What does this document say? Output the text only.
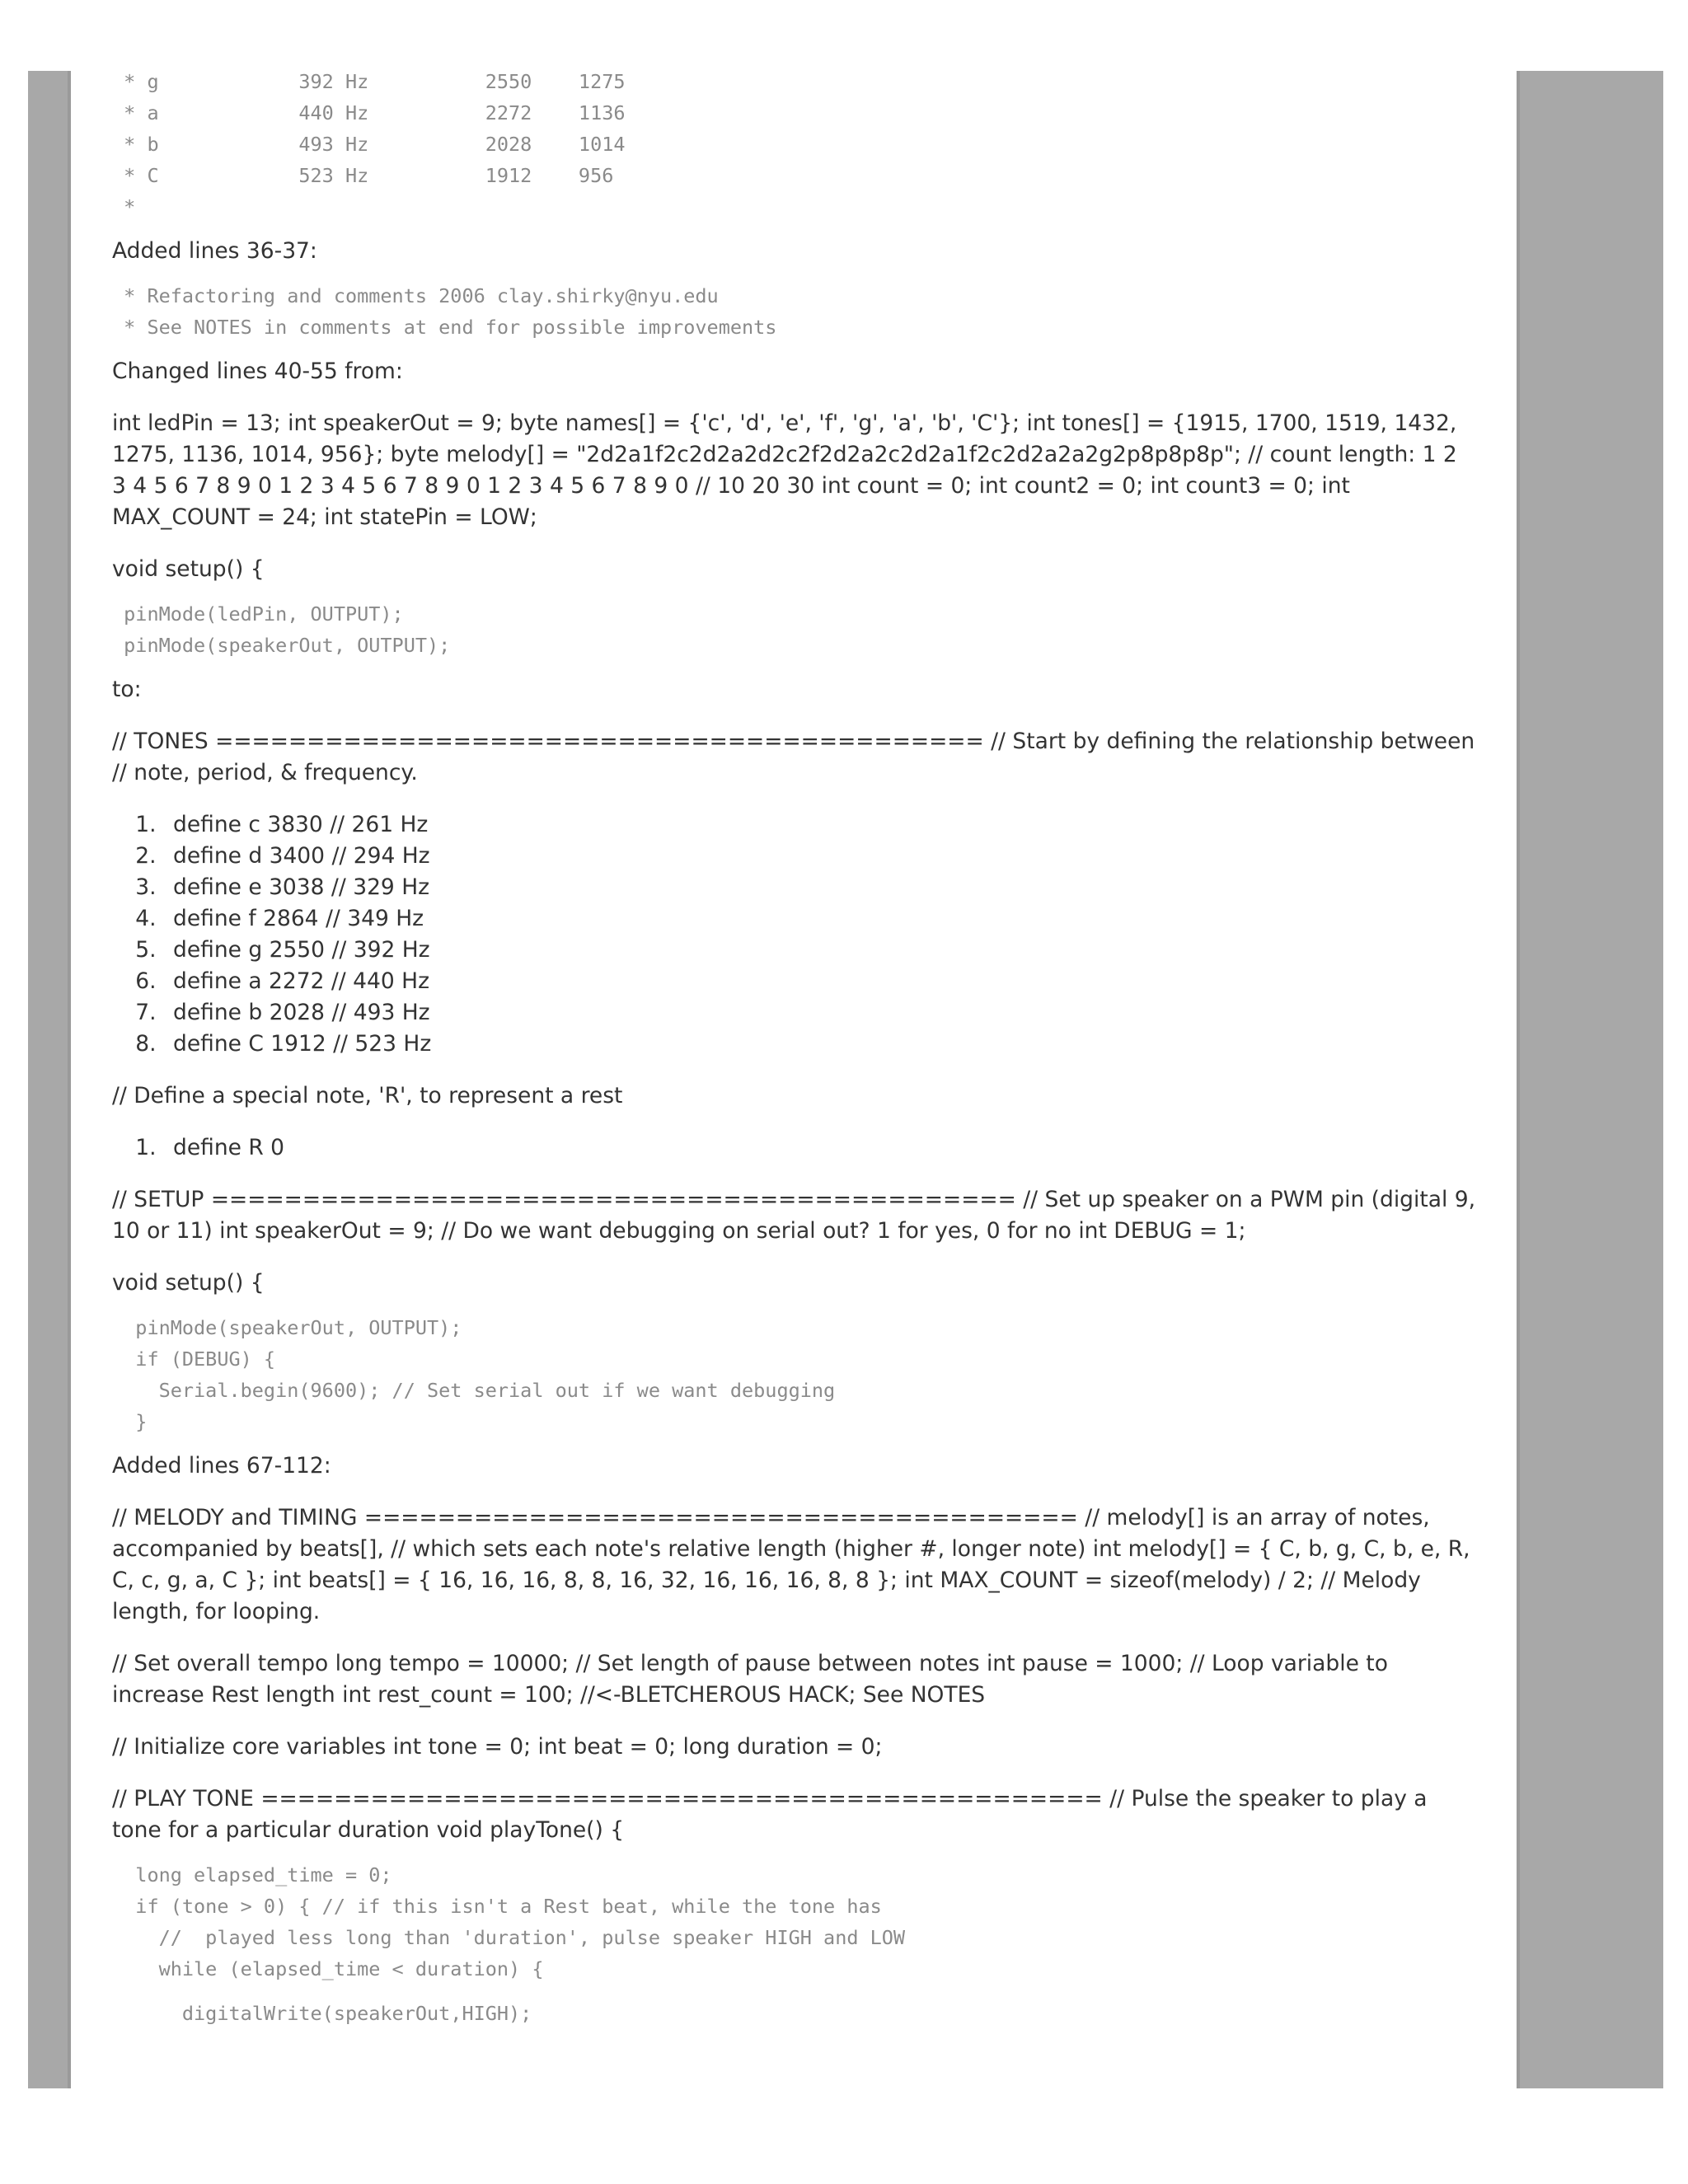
* g            392 Hz          2550    1275
* a            440 Hz          2272    1136
* b            493 Hz          2028    1014
* C            523 Hz          1912    956
*

Added lines 36-37:

* Refactoring and comments 2006 clay.shirky@nyu.edu
* See NOTES in comments at end for possible improvements

Changed lines 40-55 from:

int ledPin = 13; int speakerOut = 9; byte names[] = {'c', 'd', 'e', 'f', 'g', 'a', 'b', 'C'}; int tones[] = {1915, 1700, 1519, 1432, 1275, 1136, 1014, 956}; byte melody[] = "2d2a1f2c2d2a2d2c2f2d2a2c2d2a1f2c2d2a2a2g2p8p8p8p"; // count length: 1 2 3 4 5 6 7 8 9 0 1 2 3 4 5 6 7 8 9 0 1 2 3 4 5 6 7 8 9 0 // 10 20 30 int count = 0; int count2 = 0; int count3 = 0; int MAX_COUNT = 24; int statePin = LOW;

void setup() {

pinMode(ledPin, OUTPUT);
pinMode(speakerOut, OUTPUT);

to:

// TONES ========================================== // Start by defining the relationship between // note, period, & frequency.

1. define c 3830 // 261 Hz
2. define d 3400 // 294 Hz
3. define e 3038 // 329 Hz
4. define f 2864 // 349 Hz
5. define g 2550 // 392 Hz
6. define a 2272 // 440 Hz
7. define b 2028 // 493 Hz
8. define C 1912 // 523 Hz

// Define a special note, 'R', to represent a rest

1. define R 0

// SETUP ============================================ // Set up speaker on a PWM pin (digital 9, 10 or 11) int speakerOut = 9; // Do we want debugging on serial out? 1 for yes, 0 for no int DEBUG = 1;

void setup() {

pinMode(speakerOut, OUTPUT);
if (DEBUG) {
Serial.begin(9600); // Set serial out if we want debugging
}

Added lines 67-112:

// MELODY and TIMING ======================================= // melody[] is an array of notes, accompanied by beats[], // which sets each note's relative length (higher #, longer note) int melody[] = { C, b, g, C, b, e, R, C, c, g, a, C }; int beats[] = { 16, 16, 16, 8, 8, 16, 32, 16, 16, 16, 8, 8 }; int MAX_COUNT = sizeof(melody) / 2; // Melody length, for looping.

// Set overall tempo long tempo = 10000; // Set length of pause between notes int pause = 1000; // Loop variable to increase Rest length int rest_count = 100; //<-BLETCHEROUS HACK; See NOTES

// Initialize core variables int tone = 0; int beat = 0; long duration = 0;

// PLAY TONE ============================================== // Pulse the speaker to play a tone for a particular duration void playTone() {

long elapsed_time = 0;
if (tone > 0) { // if this isn't a Rest beat, while the tone has
//  played less long than 'duration', pulse speaker HIGH and LOW
while (elapsed_time < duration) {
digitalWrite(speakerOut,HIGH);
